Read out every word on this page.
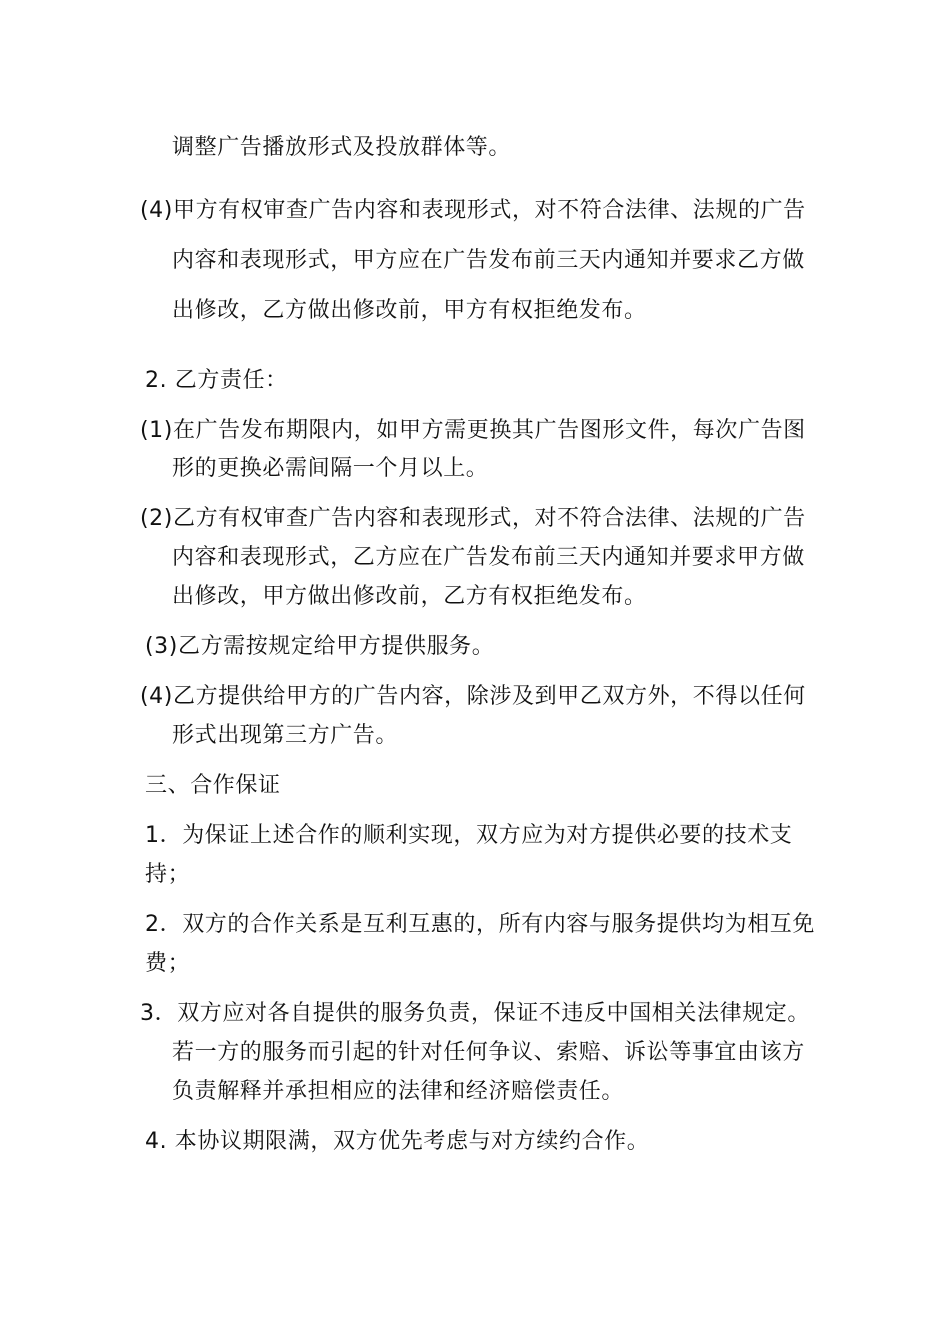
调整广告播放形式及投放群体等。
(4)甲方有权审查广告内容和表现形式，对不符合法律、法规的广告
内容和表现形式，甲方应在广告发布前三天内通知并要求乙方做
出修改，乙方做出修改前，甲方有权拒绝发布。
2. 乙方责任：
(1)在广告发布期限内，如甲方需更换其广告图形文件，每次广告图
形的更换必需间隔一个月以上。
(2)乙方有权审查广告内容和表现形式，对不符合法律、法规的广告
内容和表现形式，乙方应在广告发布前三天内通知并要求甲方做
出修改，甲方做出修改前，乙方有权拒绝发布。
(3)乙方需按规定给甲方提供服务。
(4)乙方提供给甲方的广告内容，除涉及到甲乙双方外，不得以任何
形式出现第三方广告。
三、合作保证
1．为保证上述合作的顺利实现，双方应为对方提供必要的技术支
持；
2．双方的合作关系是互利互惠的，所有内容与服务提供均为相互免
费；
3．双方应对各自提供的服务负责，保证不违反中国相关法律规定。
若一方的服务而引起的针对任何争议、索赔、诉讼等事宜由该方
负责解释并承担相应的法律和经济赔偿责任。
4. 本协议期限满，双方优先考虑与对方续约合作。
